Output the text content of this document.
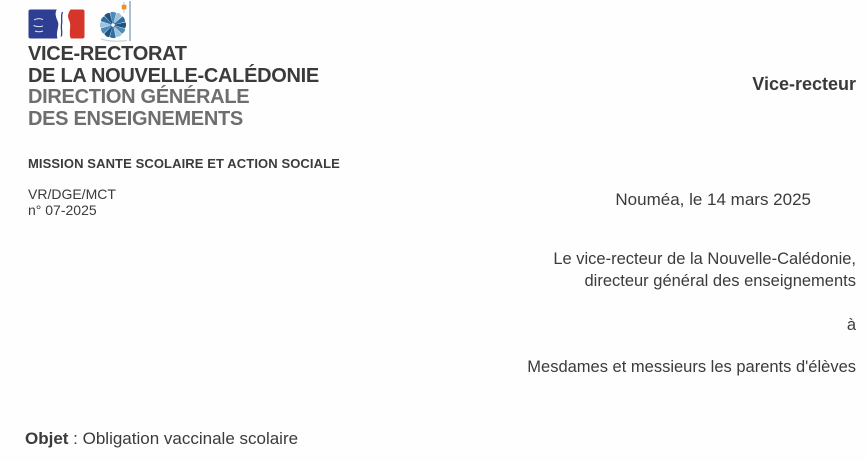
VICE-RECTORAT
DE LA NOUVELLE-CALÉDONIE
DIRECTION GÉNÉRALE
DES ENSEIGNEMENTS
MISSION SANTE SCOLAIRE ET ACTION SOCIALE
VR/DGE/MCT
n° 07-2025
Vice-recteur
Nouméa, le 14 mars 2025
Le vice-recteur de la Nouvelle-Calédonie,
directeur général des enseignements
à
Mesdames et messieurs les parents d'élèves
Objet : Obligation vaccinale scolaire
